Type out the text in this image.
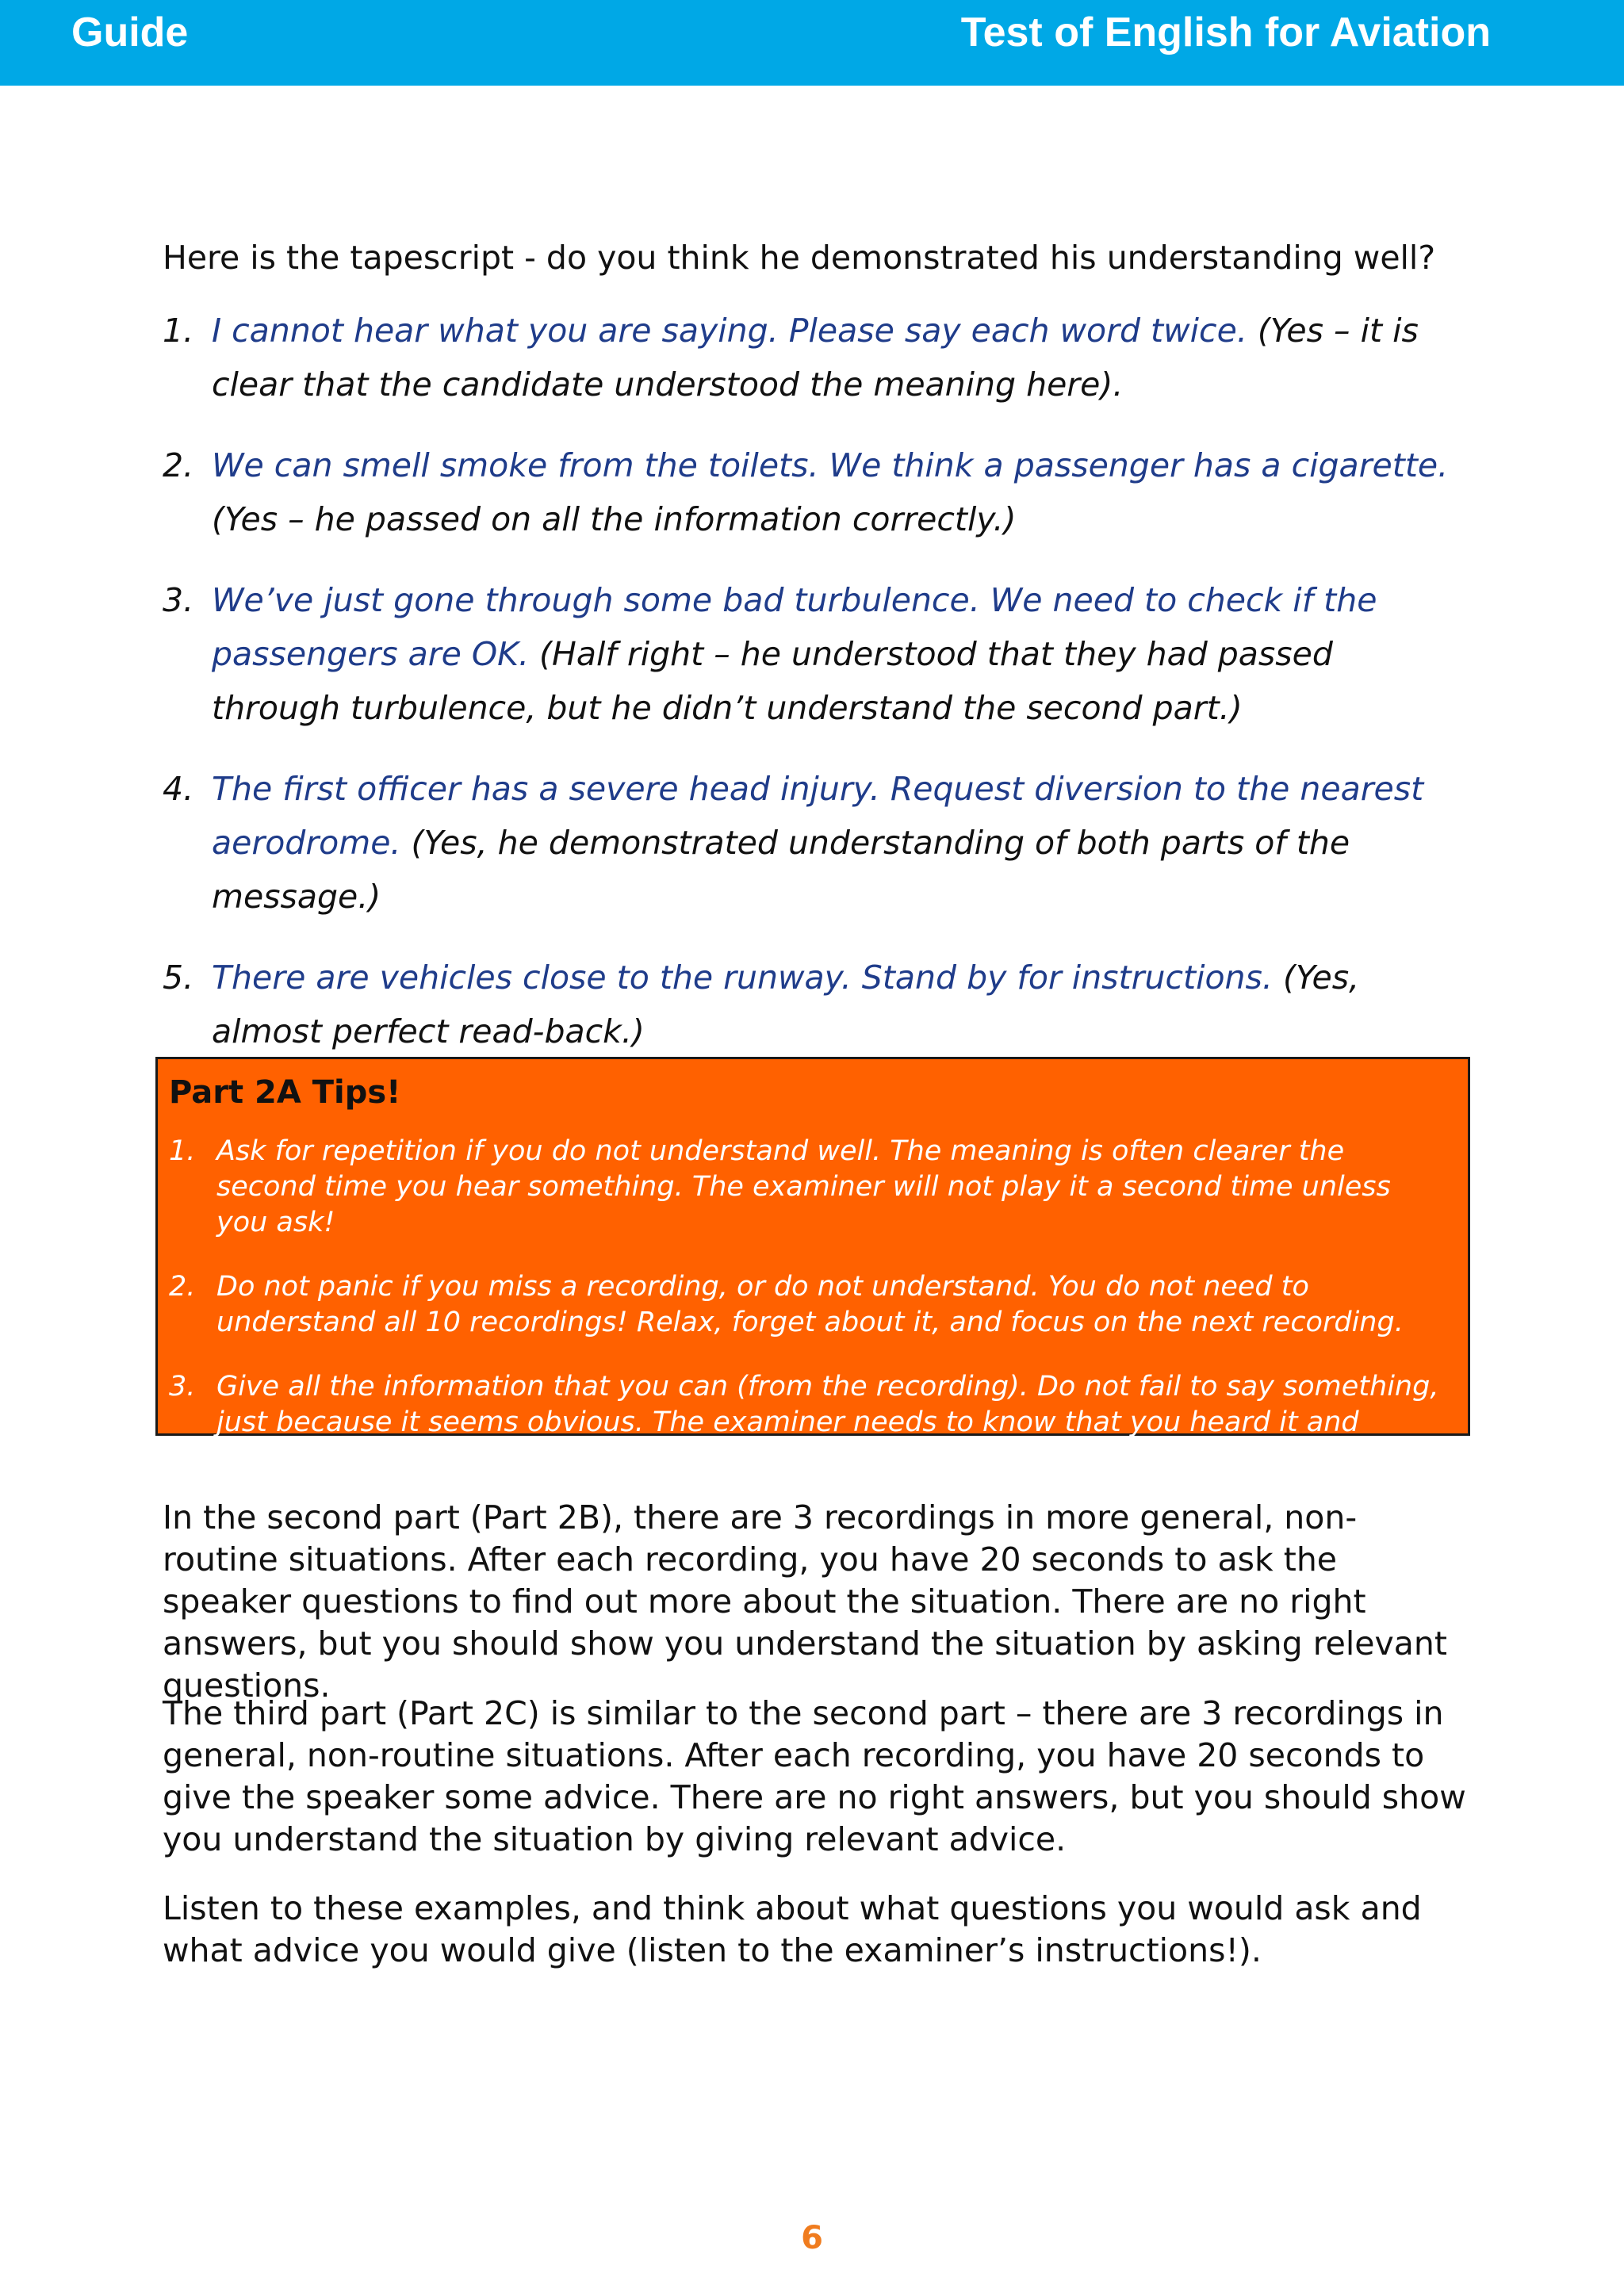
Guide	Test of English for Aviation
Here is the tapescript - do you think he demonstrated his understanding well?
1. I cannot hear what you are saying. Please say each word twice. (Yes – it is clear that the candidate understood the meaning here).
2. We can smell smoke from the toilets. We think a passenger has a cigarette. (Yes – he passed on all the information correctly.)
3. We’ve just gone through some bad turbulence. We need to check if the passengers are OK. (Half right – he understood that they had passed through turbulence, but he didn’t understand the second part.)
4. The first officer has a severe head injury. Request diversion to the nearest aerodrome. (Yes, he demonstrated understanding of both parts of the message.)
5. There are vehicles close to the runway. Stand by for instructions. (Yes, almost perfect read-back.)
Part 2A Tips!
1. Ask for repetition if you do not understand well. The meaning is often clearer the second time you hear something. The examiner will not play it a second time unless you ask!
2. Do not panic if you miss a recording, or do not understand. You do not need to understand all 10 recordings! Relax, forget about it, and focus on the next recording.
3. Give all the information that you can (from the recording). Do not fail to say something, just because it seems obvious. The examiner needs to know that you heard it and understood it!

In the second part (Part 2B), there are 3 recordings in more general, non-routine situations. After each recording, you have 20 seconds to ask the speaker questions to find out more about the situation. There are no right answers, but you should show you understand the situation by asking relevant questions.

The third part (Part 2C) is similar to the second part – there are 3 recordings in general, non-routine situations. After each recording, you have 20 seconds to give the speaker some advice. There are no right answers, but you should show you understand the situation by giving relevant advice.

Listen to these examples, and think about what questions you would ask and what advice you would give (listen to the examiner’s instructions!).

6
